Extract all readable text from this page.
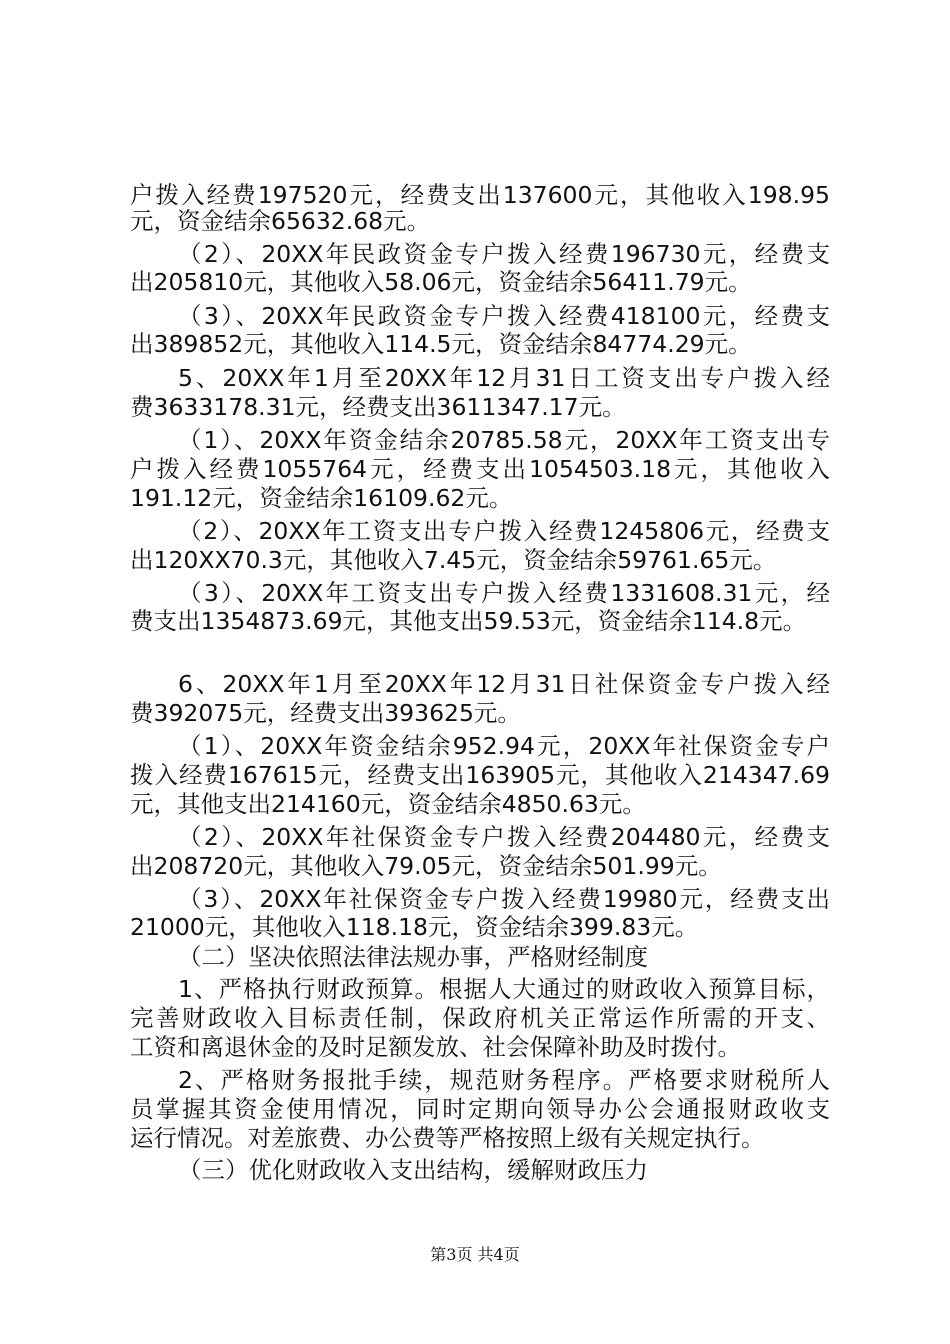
户拨入经费197520元，经费支出137600元，其他收入198.95
元，资金结余65632.68元。
（2）、20XX年民政资金专户拨入经费196730元，经费支
出205810元，其他收入58.06元，资金结余56411.79元。
（3）、20XX年民政资金专户拨入经费418100元，经费支
出389852元，其他收入114.5元，资金结余84774.29元。
5、20XX年1月至20XX年12月31日工资支出专户拨入经
费3633178.31元，经费支出3611347.17元。
（1）、20XX年资金结余20785.58元，20XX年工资支出专
户拨入经费1055764元，经费支出1054503.18元，其他收入
191.12元，资金结余16109.62元。
（2）、20XX年工资支出专户拨入经费1245806元，经费支
出120XX70.3元，其他收入7.45元，资金结余59761.65元。
（3）、20XX年工资支出专户拨入经费1331608.31元，经
费支出1354873.69元，其他支出59.53元，资金结余114.8元。
6、20XX年1月至20XX年12月31日社保资金专户拨入经
费392075元，经费支出393625元。
（1）、20XX年资金结余952.94元，20XX年社保资金专户
拨入经费167615元，经费支出163905元，其他收入214347.69
元，其他支出214160元，资金结余4850.63元。
（2）、20XX年社保资金专户拨入经费204480元，经费支
出208720元，其他收入79.05元，资金结余501.99元。
（3）、20XX年社保资金专户拨入经费19980元，经费支出
21000元，其他收入118.18元，资金结余399.83元。
（二）坚决依照法律法规办事，严格财经制度
1、严格执行财政预算。根据人大通过的财政收入预算目标，
完善财政收入目标责任制，保政府机关正常运作所需的开支、
工资和离退休金的及时足额发放、社会保障补助及时拨付。
2、严格财务报批手续，规范财务程序。严格要求财税所人
员掌握其资金使用情况，同时定期向领导办公会通报财政收支
运行情况。对差旅费、办公费等严格按照上级有关规定执行。
（三）优化财政收入支出结构，缓解财政压力
第3页 共4页
